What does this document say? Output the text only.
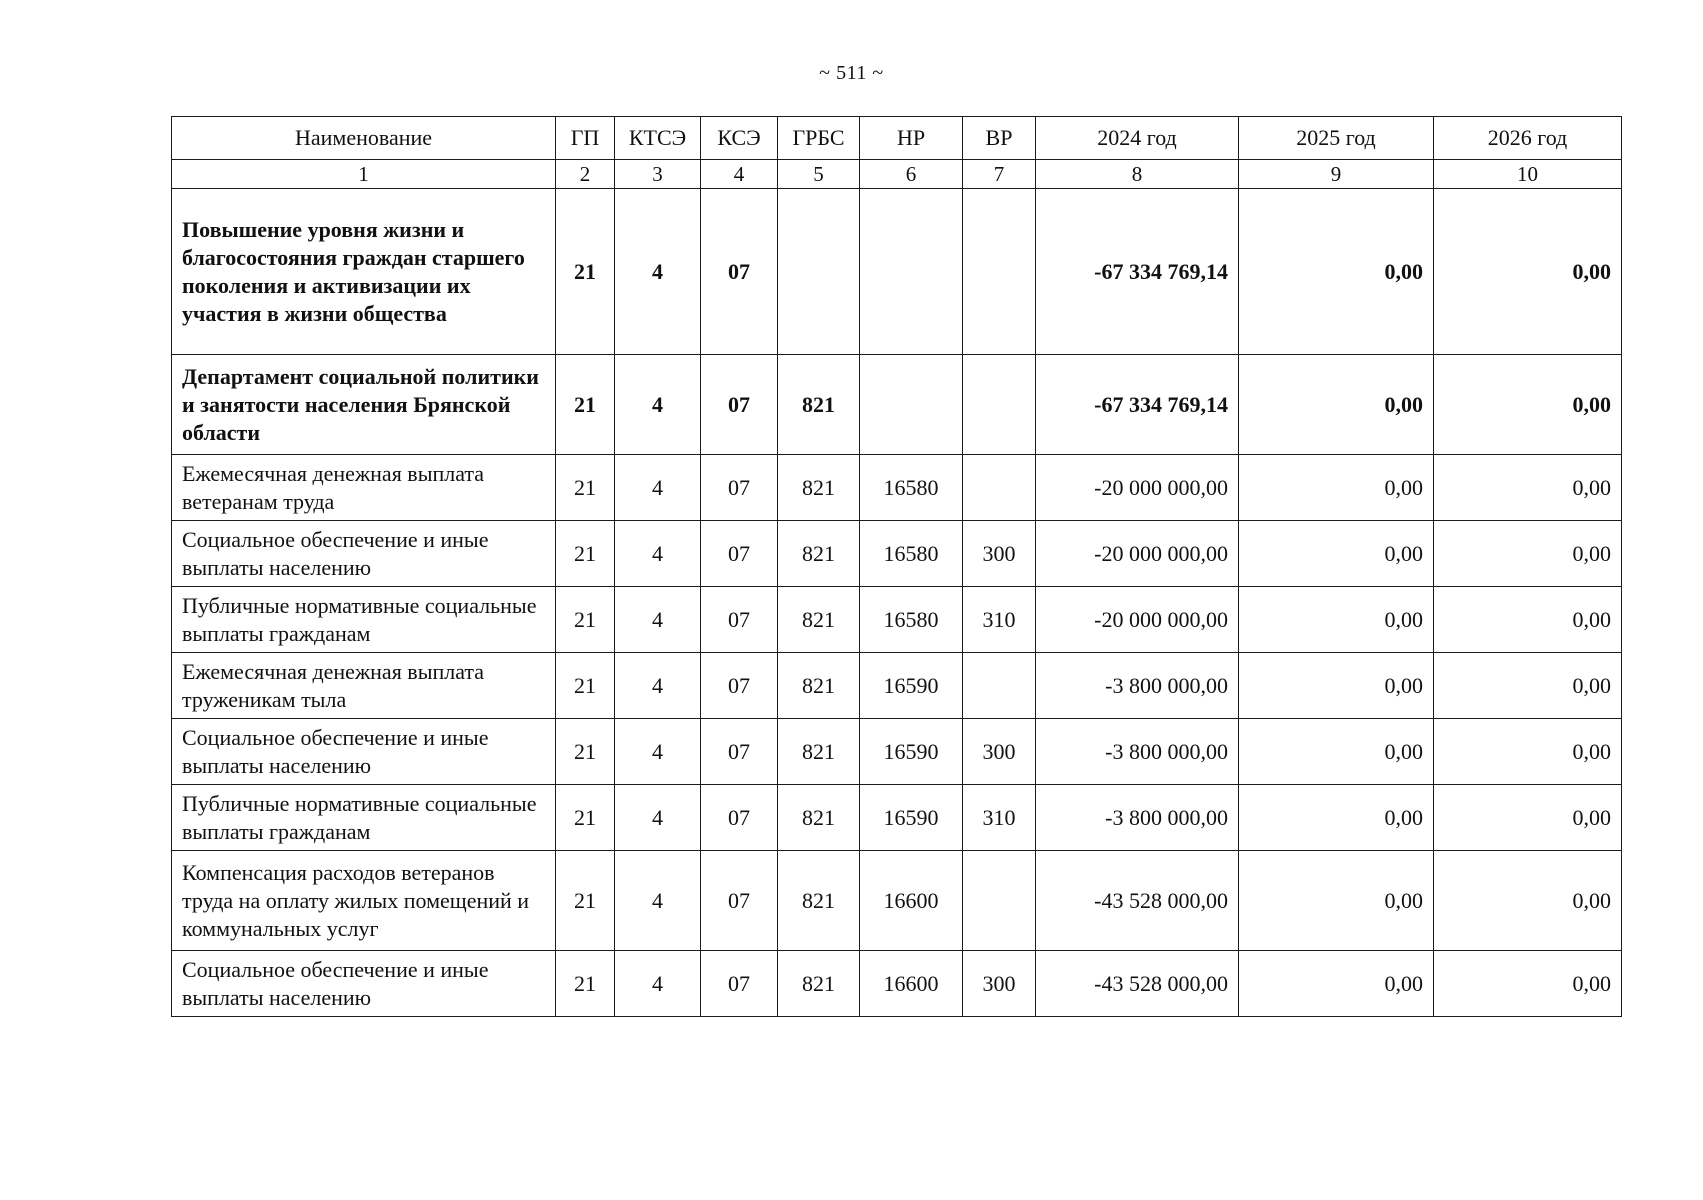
~ 511 ~
Наименование	ГП	КТСЭ	КСЭ	ГРБС	НР	ВР	2024 год	2025 год	2026 год
1	2	3	4	5	6	7	8	9	10
Повышение уровня жизни и благосостояния граждан старшего поколения и активизации их участия в жизни общества	21	4	07				-67 334 769,14	0,00	0,00
Департамент социальной политики и занятости населения Брянской области	21	4	07	821			-67 334 769,14	0,00	0,00
Ежемесячная денежная выплата ветеранам труда	21	4	07	821	16580		-20 000 000,00	0,00	0,00
Социальное обеспечение и иные выплаты населению	21	4	07	821	16580	300	-20 000 000,00	0,00	0,00
Публичные нормативные социальные выплаты гражданам	21	4	07	821	16580	310	-20 000 000,00	0,00	0,00
Ежемесячная денежная выплата труженикам тыла	21	4	07	821	16590		-3 800 000,00	0,00	0,00
Социальное обеспечение и иные выплаты населению	21	4	07	821	16590	300	-3 800 000,00	0,00	0,00
Публичные нормативные социальные выплаты гражданам	21	4	07	821	16590	310	-3 800 000,00	0,00	0,00
Компенсация расходов ветеранов труда на оплату жилых помещений и коммунальных услуг	21	4	07	821	16600		-43 528 000,00	0,00	0,00
Социальное обеспечение и иные выплаты населению	21	4	07	821	16600	300	-43 528 000,00	0,00	0,00
